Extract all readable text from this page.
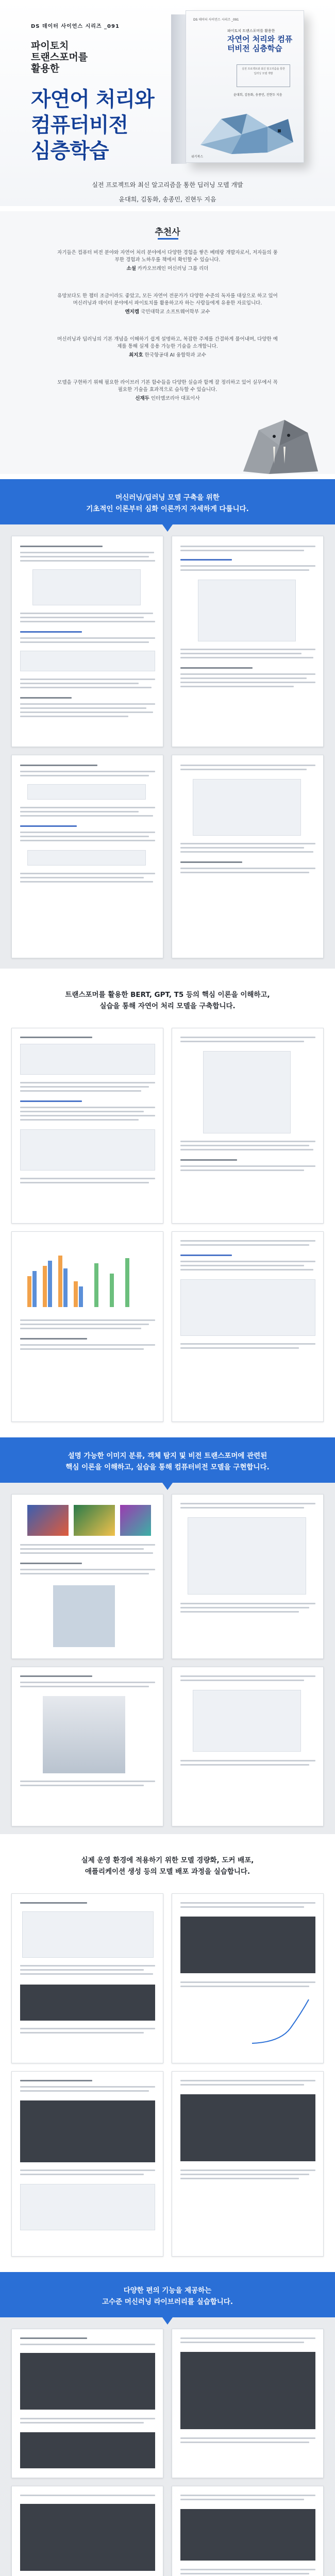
DS 데이터 사이언스 시리즈 _091
파이토치
트랜스포머를
활용한
자연어 처리와
컴퓨터비전
심층학습
DS 데이터 사이언스 시리즈 _091
파이토치 트랜스포머를 활용한
자연어 처리와 컴퓨터비전 심층학습
실전 프로젝트와 최신 알고리즘을 통한 딥러닝 모델 개발
윤대희, 김동화, 송종민, 진현두 지음
위키북스
실전 프로젝트와 최신 알고리즘을 통한 딥러닝 모델 개발
윤대희, 김동화, 송종민, 진현두 지음
추천사
자기들은 컴퓨터 비전 분야와 자연어 처리 분야에서 다양한 경험을 쌓은 베테랑 개발자로서, 저자들의 풍부한 경험과 노하우를 책에서 확인할 수 있습니다.
소설 카카오브레인 머신러닝 그룹 리더
유망보다도 한 챕터 조금이라도 좋았고, 모든 자연어 전문가가 다양한 수준의 독자를 대상으로 하고 있어 머신러닝과 데이터 분야에서 파이토치를 활용하고자 하는 사람들에게 유용한 자료입니다.
엔지켐 국민대학교 소프트웨어학부 교수
머신러닝과 딥러닝의 기본 개념을 이해하기 쉽게 설명하고, 복잡한 주제를 간결하게 풀어내며, 다양한 예제를 통해 실제 응용 가능한 기술을 소개합니다.
최지호 한국항공대 AI 융합학과 교수
모델을 구현하기 위해 필요한 라이브러 기본 함수들을 다양한 실습과 함께 잘 정리하고 있어 실무에서 꼭 필요한 기술을 효과적으로 습득할 수 있습니다.
신재두 인터엠코리아 대표이사
머신러닝/딥러닝 모델 구축을 위한
기초적인 이론부터 심화 이론까지 자세하게 다룹니다.
트랜스포머를 활용한 BERT, GPT, T5 등의 핵심 이론을 이해하고,
실습을 통해 자연어 처리 모델을 구축합니다.
설명 가능한 이미지 분류, 객체 탐지 및 비전 트랜스포머에 관련된
핵심 이론을 이해하고, 실습을 통해 컴퓨터비전 모델을 구현합니다.
실제 운영 환경에 적용하기 위한 모델 경량화, 도커 배포,
애플리케이션 생성 등의 모델 배포 과정을 실습합니다.
다양한 편의 기능을 제공하는
고수준 머신러닝 라이브러리를 실습합니다.
